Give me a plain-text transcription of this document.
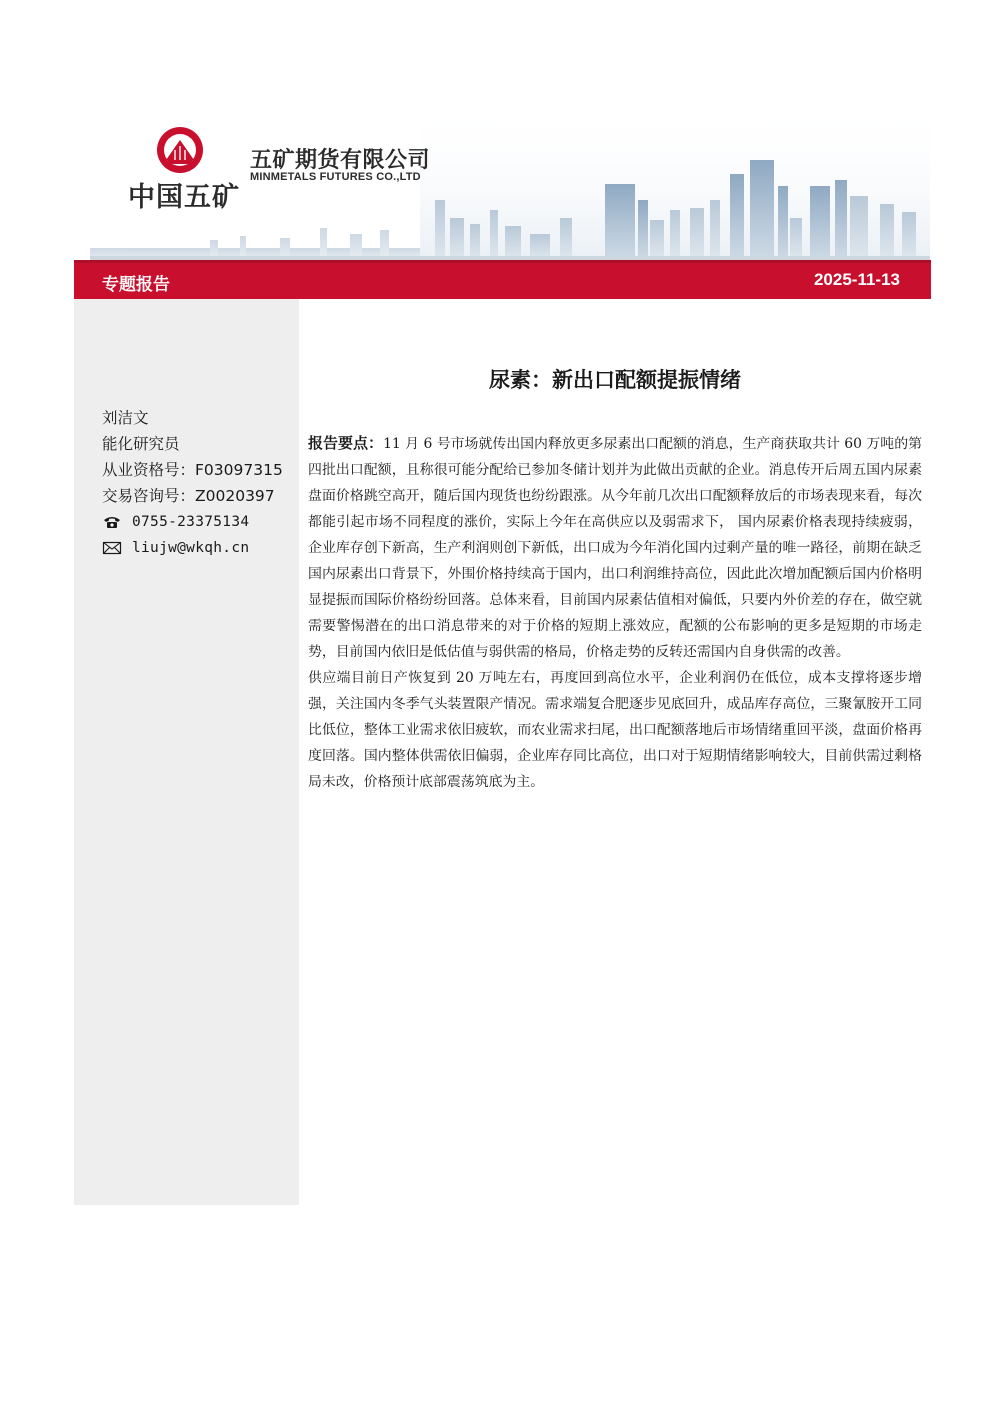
中国五矿
五矿期货有限公司
MINMETALS FUTURES CO.,LTD
专题报告	2025-11-13
刘洁文
能化研究员
从业资格号：F03097315
交易咨询号：Z0020397
0755-23375134
liujw@wkqh.cn
尿素：新出口配额提振情绪

报告要点：11 月 6 号市场就传出国内释放更多尿素出口配额的消息，生产商获取共计 60 万吨的第四批出口配额，且称很可能分配给已参加冬储计划并为此做出贡献的企业。消息传开后周五国内尿素盘面价格跳空高开，随后国内现货也纷纷跟涨。从今年前几次出口配额释放后的市场表现来看，每次都能引起市场不同程度的涨价，实际上今年在高供应以及弱需求下， 国内尿素价格表现持续疲弱，企业库存创下新高，生产利润则创下新低，出口成为今年消化国内过剩产量的唯一路径，前期在缺乏国内尿素出口背景下，外围价格持续高于国内，出口利润维持高位，因此此次增加配额后国内价格明显提振而国际价格纷纷回落。总体来看，目前国内尿素估值相对偏低，只要内外价差的存在，做空就需要警惕潜在的出口消息带来的对于价格的短期上涨效应，配额的公布影响的更多是短期的市场走势，目前国内依旧是低估值与弱供需的格局，价格走势的反转还需国内自身供需的改善。

供应端目前日产恢复到 20 万吨左右，再度回到高位水平，企业利润仍在低位，成本支撑将逐步增强，关注国内冬季气头装置限产情况。需求端复合肥逐步见底回升，成品库存高位，三聚氰胺开工同比低位，整体工业需求依旧疲软，而农业需求扫尾，出口配额落地后市场情绪重回平淡，盘面价格再度回落。国内整体供需依旧偏弱，企业库存同比高位，出口对于短期情绪影响较大，目前供需过剩格局未改，价格预计底部震荡筑底为主。
